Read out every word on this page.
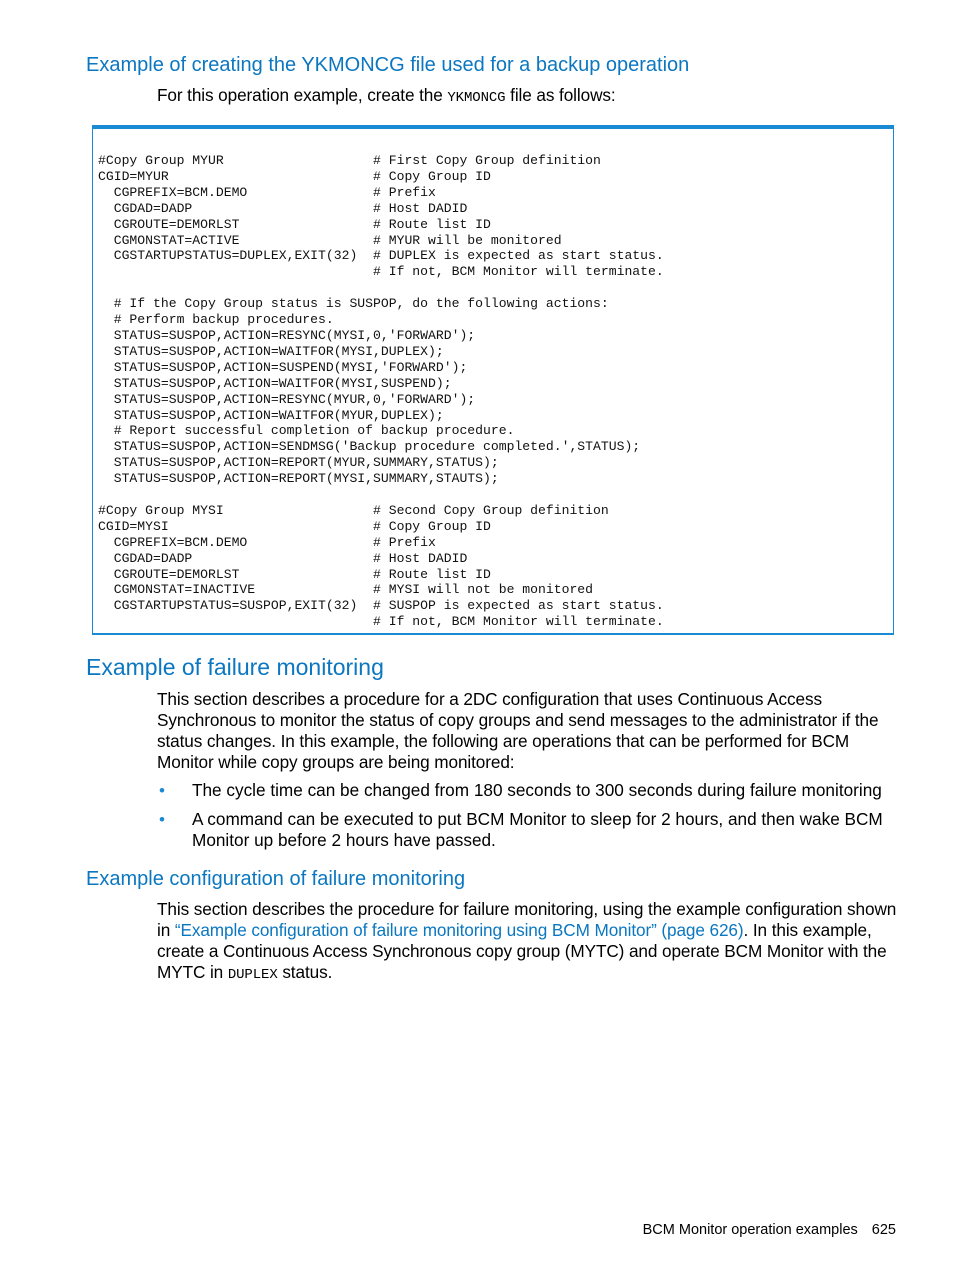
Example of creating the YKMONCG file used for a backup operation

For this operation example, create the YKMONCG file as follows:

#Copy Group MYUR                   # First Copy Group definition
CGID=MYUR                          # Copy Group ID
CGPREFIX=BCM.DEMO                # Prefix
CGDAD=DADP                       # Host DADID
CGROUTE=DEMORLST                 # Route list ID
CGMONSTAT=ACTIVE                 # MYUR will be monitored
CGSTARTUPSTATUS=DUPLEX,EXIT(32)  # DUPLEX is expected as start status.
# If not, BCM Monitor will terminate.

# If the Copy Group status is SUSPOP, do the following actions:
# Perform backup procedures.
STATUS=SUSPOP,ACTION=RESYNC(MYSI,0,'FORWARD');
STATUS=SUSPOP,ACTION=WAITFOR(MYSI,DUPLEX);
STATUS=SUSPOP,ACTION=SUSPEND(MYSI,'FORWARD');
STATUS=SUSPOP,ACTION=WAITFOR(MYSI,SUSPEND);
STATUS=SUSPOP,ACTION=RESYNC(MYUR,0,'FORWARD');
STATUS=SUSPOP,ACTION=WAITFOR(MYUR,DUPLEX);
# Report successful completion of backup procedure.
STATUS=SUSPOP,ACTION=SENDMSG('Backup procedure completed.',STATUS);
STATUS=SUSPOP,ACTION=REPORT(MYUR,SUMMARY,STATUS);
STATUS=SUSPOP,ACTION=REPORT(MYSI,SUMMARY,STAUTS);

#Copy Group MYSI                   # Second Copy Group definition
CGID=MYSI                          # Copy Group ID
CGPREFIX=BCM.DEMO                # Prefix
CGDAD=DADP                       # Host DADID
CGROUTE=DEMORLST                 # Route list ID
CGMONSTAT=INACTIVE               # MYSI will not be monitored
CGSTARTUPSTATUS=SUSPOP,EXIT(32)  # SUSPOP is expected as start status.
# If not, BCM Monitor will terminate.
Example of failure monitoring

This section describes a procedure for a 2DC configuration that uses Continuous Access Synchronous to monitor the status of copy groups and send messages to the administrator if the status changes. In this example, the following are operations that can be performed for BCM Monitor while copy groups are being monitored:

• The cycle time can be changed from 180 seconds to 300 seconds during failure monitoring
• A command can be executed to put BCM Monitor to sleep for 2 hours, and then wake BCM Monitor up before 2 hours have passed.
Example configuration of failure monitoring

This section describes the procedure for failure monitoring, using the example configuration shown in “Example configuration of failure monitoring using BCM Monitor” (page 626). In this example, create a Continuous Access Synchronous copy group (MYTC) and operate BCM Monitor with the MYTC in DUPLEX status.

BCM Monitor operation examples 625
